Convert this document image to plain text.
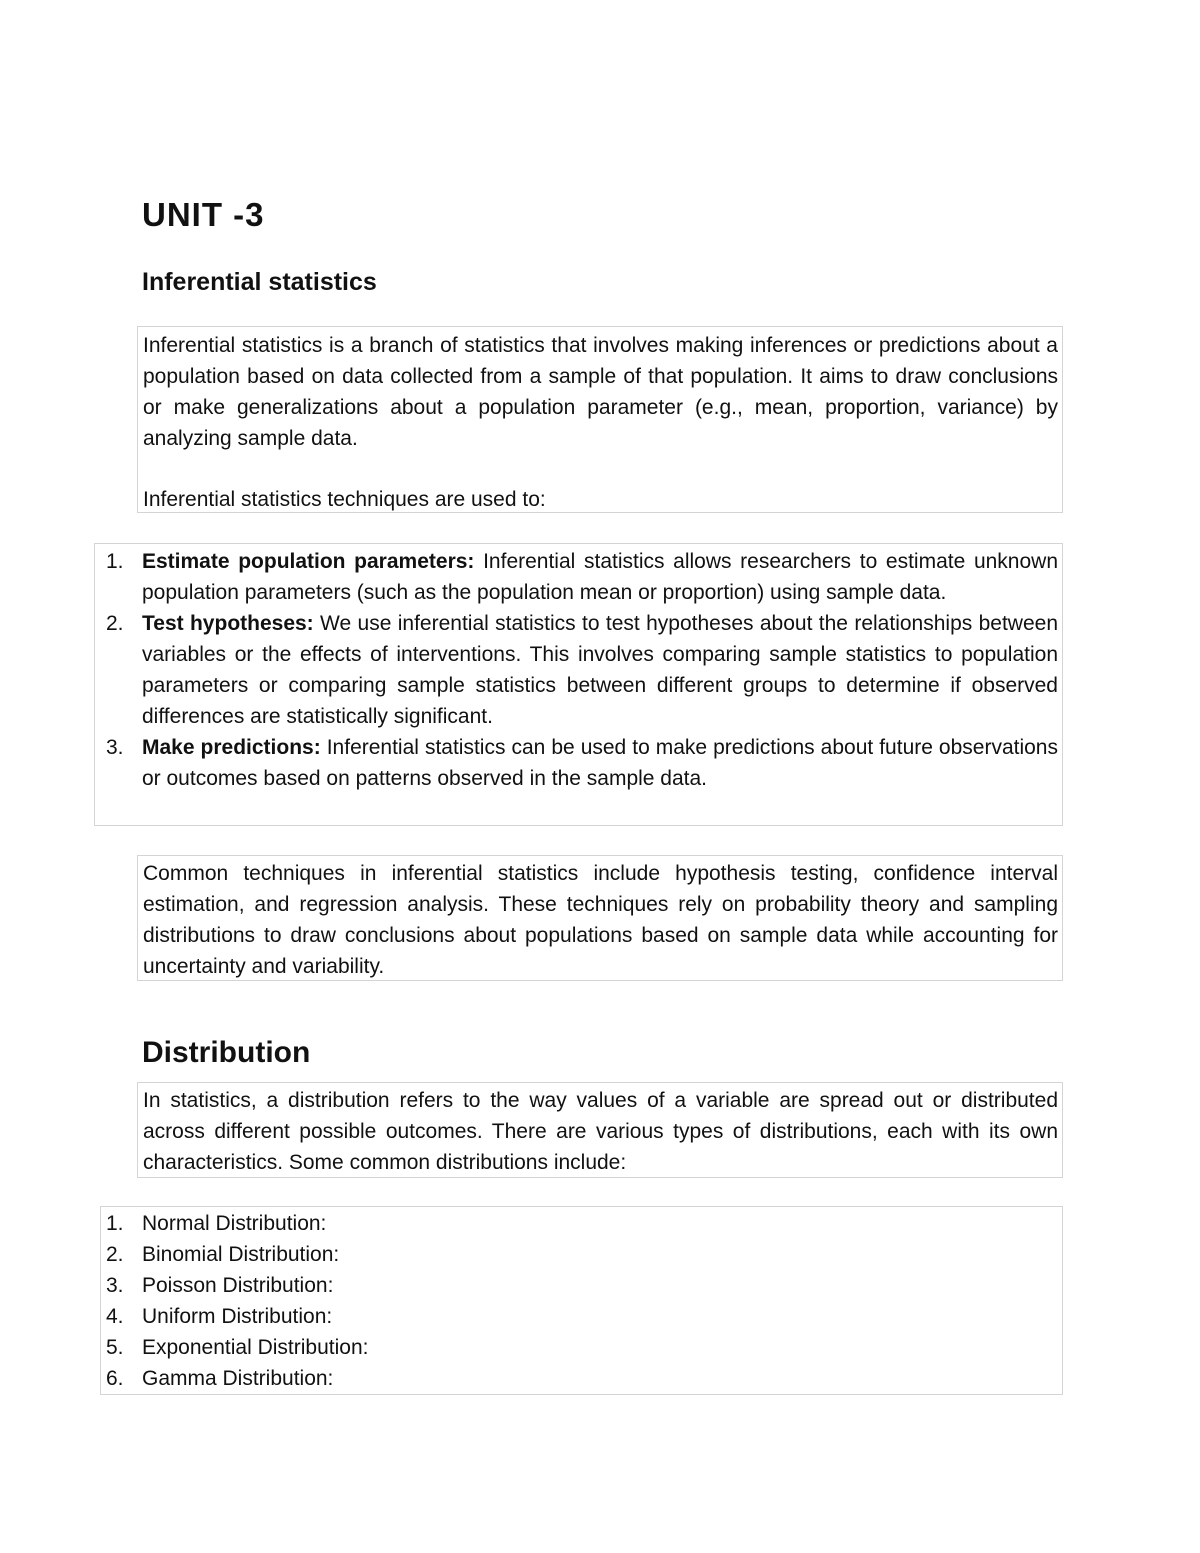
UNIT -3
Inferential statistics

Inferential statistics is a branch of statistics that involves making inferences or predictions about a population based on data collected from a sample of that population. It aims to draw conclusions or make generalizations about a population parameter (e.g., mean, proportion, variance) by analyzing sample data.

Inferential statistics techniques are used to:

1. Estimate population parameters: Inferential statistics allows researchers to estimate unknown population parameters (such as the population mean or proportion) using sample data.
2. Test hypotheses: We use inferential statistics to test hypotheses about the relationships between variables or the effects of interventions. This involves comparing sample statistics to population parameters or comparing sample statistics between different groups to determine if observed differences are statistically significant.
3. Make predictions: Inferential statistics can be used to make predictions about future observations or outcomes based on patterns observed in the sample data.

Common techniques in inferential statistics include hypothesis testing, confidence interval estimation, and regression analysis. These techniques rely on probability theory and sampling distributions to draw conclusions about populations based on sample data while accounting for uncertainty and variability.

Distribution

In statistics, a distribution refers to the way values of a variable are spread out or distributed across different possible outcomes. There are various types of distributions, each with its own characteristics. Some common distributions include:

1. Normal Distribution:
2. Binomial Distribution:
3. Poisson Distribution:
4. Uniform Distribution:
5. Exponential Distribution:
6. Gamma Distribution:
